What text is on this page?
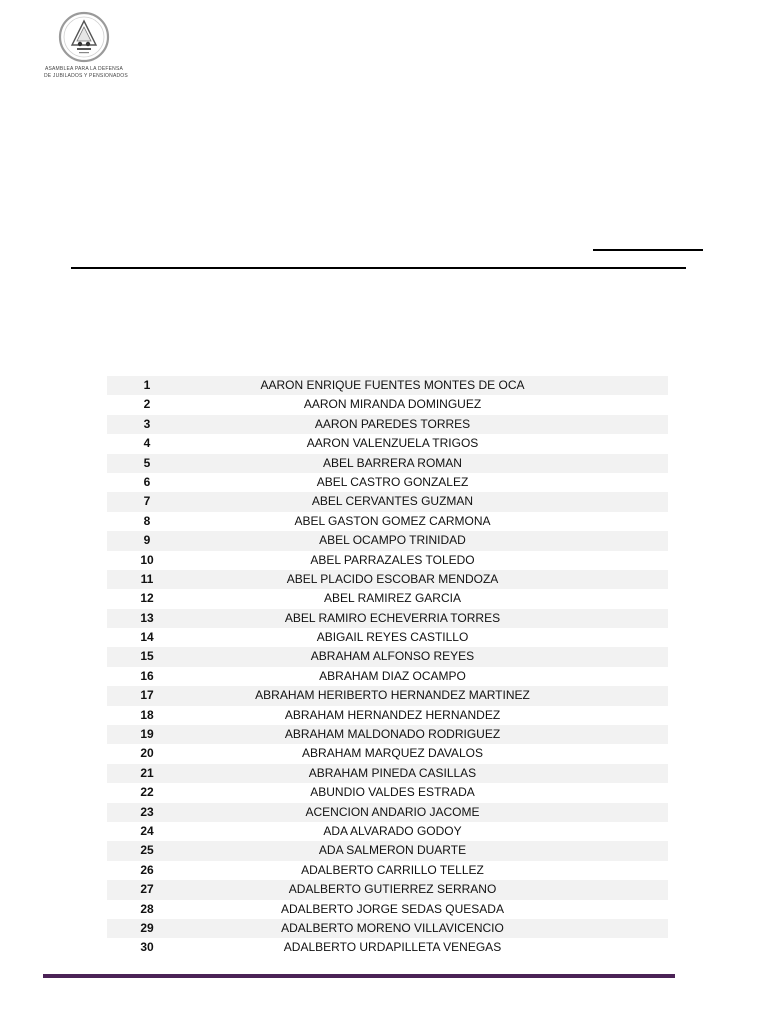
ASAMBLEA PARA LA DEFENSA
DE JUBILADOS Y PENSIONADOS
1	AARON ENRIQUE FUENTES MONTES DE OCA
2	AARON MIRANDA DOMINGUEZ
3	AARON PAREDES TORRES
4	AARON VALENZUELA TRIGOS
5	ABEL BARRERA ROMAN
6	ABEL CASTRO GONZALEZ
7	ABEL CERVANTES GUZMAN
8	ABEL GASTON GOMEZ CARMONA
9	ABEL OCAMPO TRINIDAD
10	ABEL PARRAZALES TOLEDO
11	ABEL PLACIDO ESCOBAR MENDOZA
12	ABEL RAMIREZ GARCIA
13	ABEL RAMIRO ECHEVERRIA TORRES
14	ABIGAIL REYES CASTILLO
15	ABRAHAM ALFONSO REYES
16	ABRAHAM DIAZ OCAMPO
17	ABRAHAM HERIBERTO HERNANDEZ MARTINEZ
18	ABRAHAM HERNANDEZ HERNANDEZ
19	ABRAHAM MALDONADO RODRIGUEZ
20	ABRAHAM MARQUEZ DAVALOS
21	ABRAHAM PINEDA CASILLAS
22	ABUNDIO VALDES ESTRADA
23	ACENCION ANDARIO JACOME
24	ADA ALVARADO GODOY
25	ADA SALMERON DUARTE
26	ADALBERTO CARRILLO TELLEZ
27	ADALBERTO GUTIERREZ SERRANO
28	ADALBERTO JORGE SEDAS QUESADA
29	ADALBERTO MORENO VILLAVICENCIO
30	ADALBERTO URDAPILLETA VENEGAS
